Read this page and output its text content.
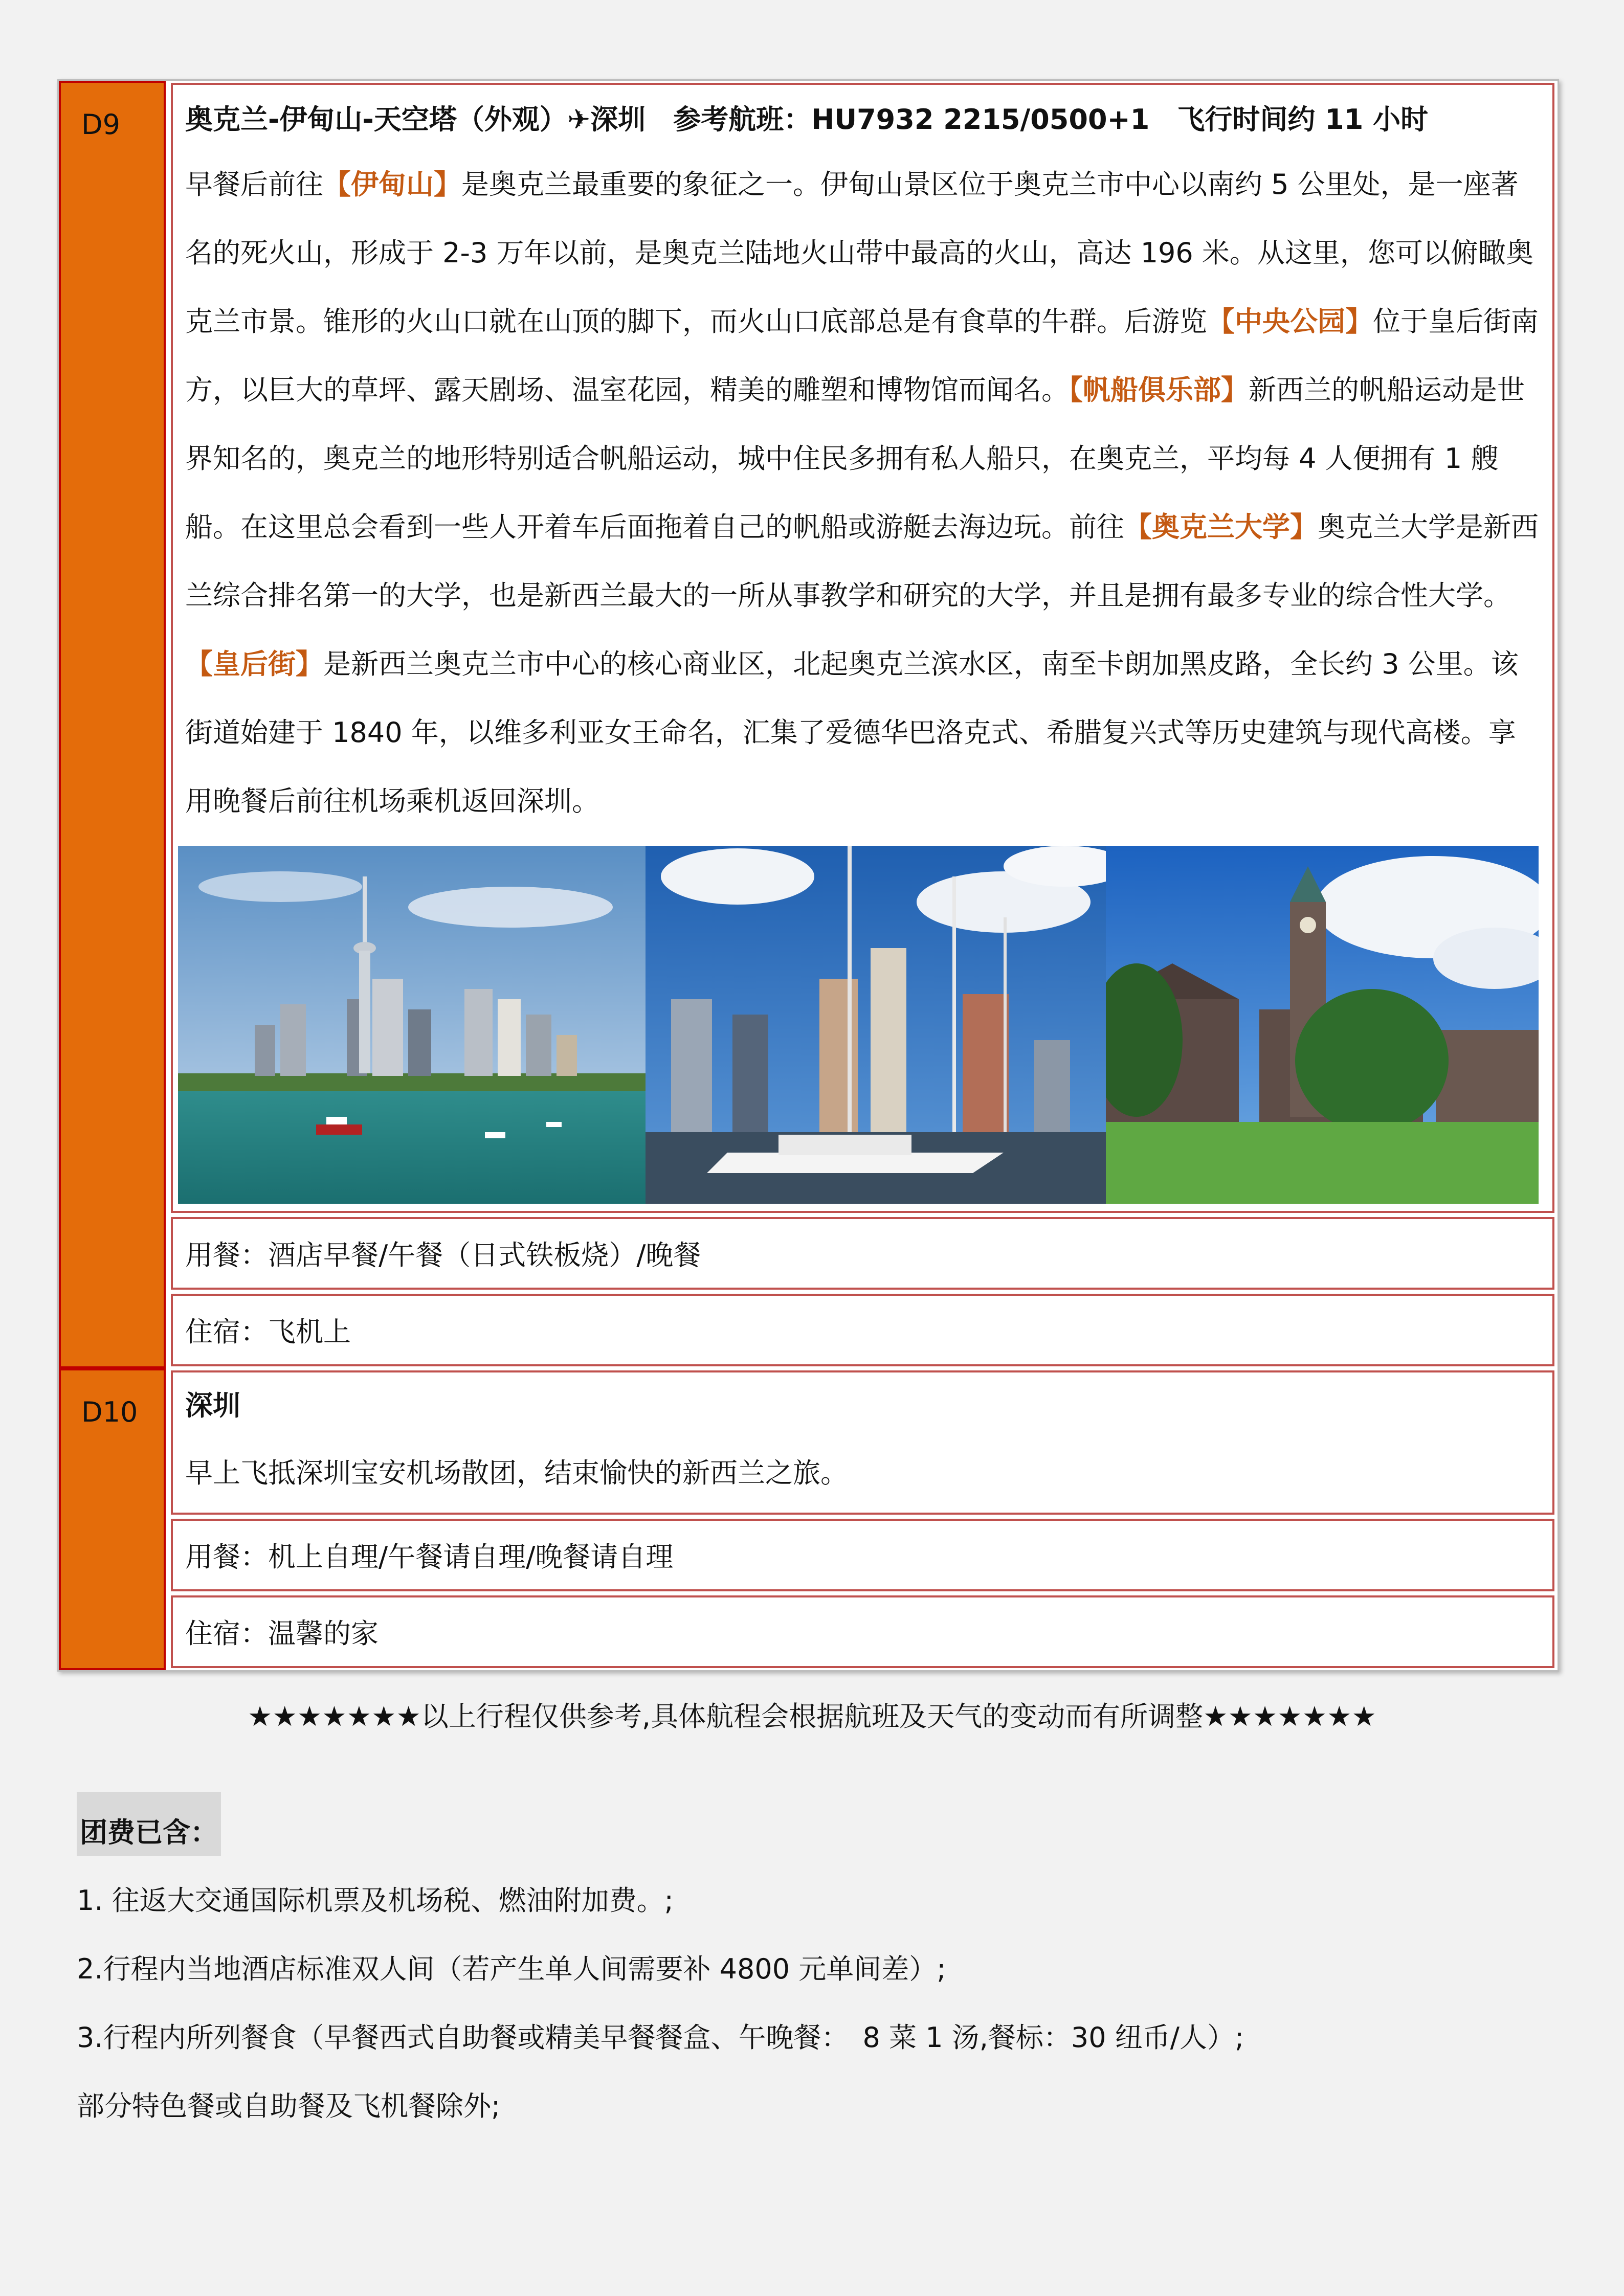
D9	奥克兰-伊甸山-天空塔（外观）✈深圳　参考航班：HU7932 2215/0500+1　飞行时间约 11 小时

早餐后前往【伊甸山】是奥克兰最重要的象征之一。伊甸山景区位于奥克兰市中心以南约 5 公里处，是一座著名的死火山，形成于 2-3 万年以前，是奥克兰陆地火山带中最高的火山，高达 196 米。从这里，您可以俯瞰奥克兰市景。锥形的火山口就在山顶的脚下，而火山口底部总是有食草的牛群。后游览【中央公园】位于皇后街南方，以巨大的草坪、露天剧场、温室花园，精美的雕塑和博物馆而闻名。【帆船俱乐部】新西兰的帆船运动是世界知名的，奥克兰的地形特别适合帆船运动，城中住民多拥有私人船只，在奥克兰，平均每 4 人便拥有 1 艘船。在这里总会看到一些人开着车后面拖着自己的帆船或游艇去海边玩。前往【奥克兰大学】奥克兰大学是新西兰综合排名第一的大学，也是新西兰最大的一所从事教学和研究的大学，并且是拥有最多专业的综合性大学。【皇后街】是新西兰奥克兰市中心的核心商业区，北起奥克兰滨水区，南至卡朗加黑皮路，全长约 3 公里。该街道始建于 1840 年，以维多利亚女王命名，汇集了爱德华巴洛克式、希腊复兴式等历史建筑与现代高楼。享用晚餐后前往机场乘机返回深圳。

用餐：酒店早餐/午餐（日式铁板烧）/晚餐
住宿：飞机上
D10	深圳

早上飞抵深圳宝安机场散团，结束愉快的新西兰之旅。

用餐：机上自理/午餐请自理/晚餐请自理
住宿：温馨的家
★★★★★★★以上行程仅供参考,具体航程会根据航班及天气的变动而有所调整★★★★★★★
团费已含：
1. 往返大交通国际机票及机场税、燃油附加费。;
2.行程内当地酒店标准双人间（若产生单人间需要补 4800 元单间差）;
3.行程内所列餐食（早餐西式自助餐或精美早餐餐盒、午晚餐：　8 菜 1 汤,餐标：30 纽币/人）;
部分特色餐或自助餐及飞机餐除外;
